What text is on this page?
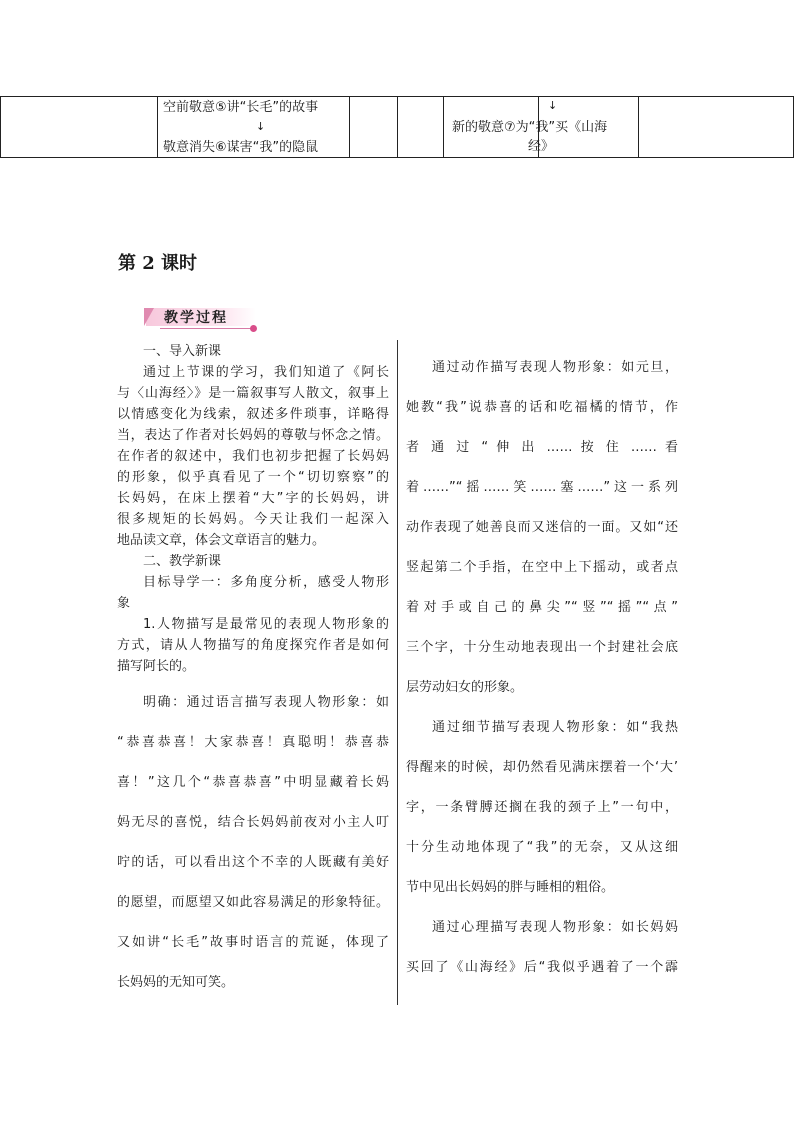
空前敬意⑤讲“长毛”的故事
↓
敬意消失⑥谋害“我”的隐鼠
↓
新的敬意⑦为“我”买《山海
经》
第 2 课时
教学过程

一、导入新课

通过上节课的学习，我们知道了《阿长

与〈山海经〉》是一篇叙事写人散文，叙事上

以情感变化为线索，叙述多件琐事，详略得

当，表达了作者对长妈妈的尊敬与怀念之情。

在作者的叙述中，我们也初步把握了长妈妈

的形象，似乎真看见了一个“切切察察”的

长妈妈，在床上摆着“大”字的长妈妈，讲

很多规矩的长妈妈。今天让我们一起深入

地品读文章，体会文章语言的魅力。

二、教学新课

目标导学一：多角度分析，感受人物形

象

1.人物描写是最常见的表现人物形象的

方式，请从人物描写的角度探究作者是如何

描写阿长的。

明确：通过语言描写表现人物形象：如

“恭喜恭喜！大家恭喜！真聪明！恭喜恭

喜！”这几个“恭喜恭喜”中明显藏着长妈

妈无尽的喜悦，结合长妈妈前夜对小主人叮

咛的话，可以看出这个不幸的人既藏有美好

的愿望，而愿望又如此容易满足的形象特征。

又如讲“长毛”故事时语言的荒诞，体现了

长妈妈的无知可笑。

通过动作描写表现人物形象：如元旦，

她教“我”说恭喜的话和吃福橘的情节，作

者 通 过 “ 伸 出 …… 按 住 …… 看

着……”“摇……笑……塞……”这一系列

动作表现了她善良而又迷信的一面。又如“还

竖起第二个手指，在空中上下摇动，或者点

着对手或自己的鼻尖”“竖”“摇”“点”

三个字，十分生动地表现出一个封建社会底

层劳动妇女的形象。

通过细节描写表现人物形象：如“我热

得醒来的时候，却仍然看见满床摆着一个‘大’

字，一条臂膊还搁在我的颈子上”一句中，

十分生动地体现了“我”的无奈，又从这细

节中见出长妈妈的胖与睡相的粗俗。

通过心理描写表现人物形象：如长妈妈

买回了《山海经》后“我似乎遇着了一个霹
